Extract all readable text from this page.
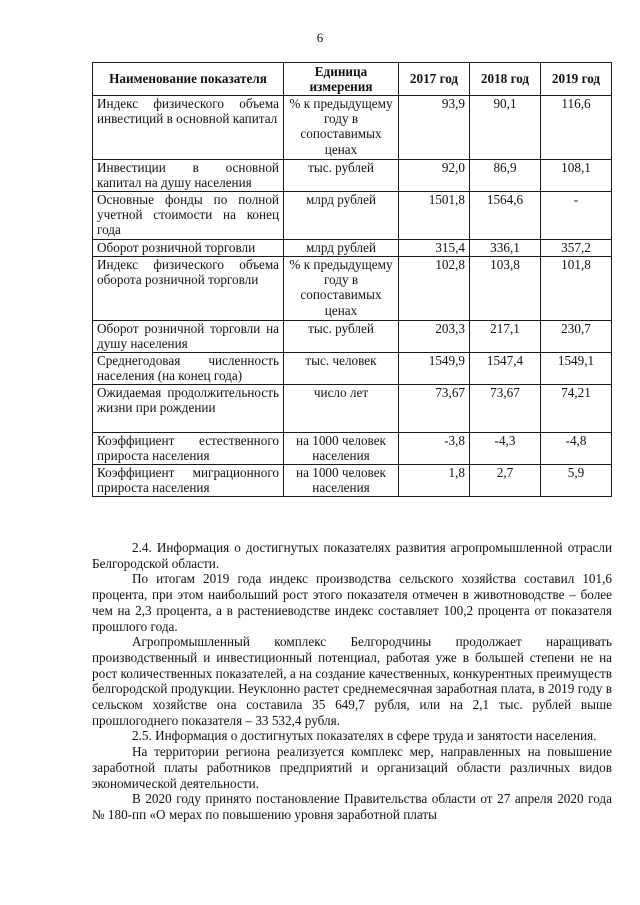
6
Наименование показателя	Единица измерения	2017 год	2018 год	2019 год
Индекс физического объема инвестиций в основной капитал	% к предыдущему году в сопоставимых ценах	93,9	90,1	116,6
Инвестиции в основной капитал на душу населения	тыс. рублей	92,0	86,9	108,1
Основные фонды по полной учетной стоимости на конец года	млрд рублей	1501,8	1564,6	-
Оборот розничной торговли	млрд рублей	315,4	336,1	357,2
Индекс физического объема оборота розничной торговли	% к предыдущему году в сопоставимых ценах	102,8	103,8	101,8
Оборот розничной торговли на душу населения	тыс. рублей	203,3	217,1	230,7
Среднегодовая численность населения (на конец года)	тыс. человек	1549,9	1547,4	1549,1
Ожидаемая продолжительность жизни при рождении	число лет	73,67	73,67	74,21
Коэффициент естественного прироста населения	на 1000 человек населения	-3,8	-4,3	-4,8
Коэффициент миграционного прироста населения	на 1000 человек населения	1,8	2,7	5,9

2.4. Информация о достигнутых показателях развития агропромышленной отрасли Белгородской области.

По итогам 2019 года индекс производства сельского хозяйства составил 101,6 процента, при этом наибольший рост этого показателя отмечен в животноводстве – более чем на 2,3 процента, а в растениеводстве индекс составляет 100,2 процента от показателя прошлого года.

Агропромышленный комплекс Белгородчины продолжает наращивать производственный и инвестиционный потенциал, работая уже в большей степени не на рост количественных показателей, а на создание качественных, конкурентных преимуществ белгородской продукции. Неуклонно растет среднемесячная заработная плата, в 2019 году в сельском хозяйстве она составила 35 649,7 рубля, или на 2,1 тыс. рублей выше прошлогоднего показателя – 33 532,4 рубля.

2.5. Информация о достигнутых показателях в сфере труда и занятости населения.

На территории региона реализуется комплекс мер, направленных на повышение заработной платы работников предприятий и организаций области различных видов экономической деятельности.

В 2020 году принято постановление Правительства области от 27 апреля 2020 года № 180-пп «О мерах по повышению уровня заработной платы
